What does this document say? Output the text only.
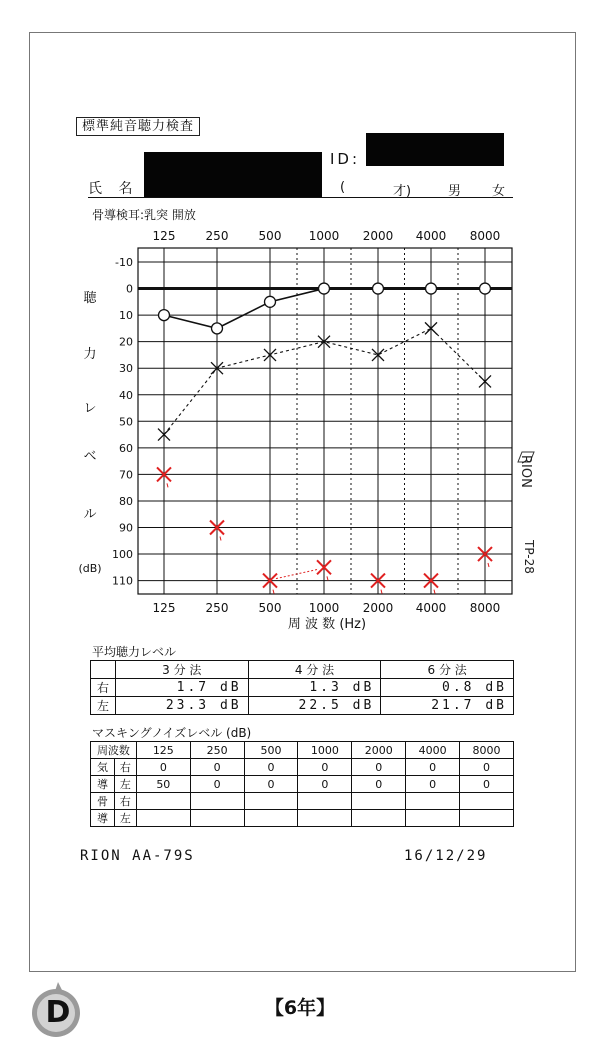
標準純音聴力検査
ID:
氏 名	(	才)	男 女
骨導検耳:乳突 開放
-10
0
10
20
30
40
50
60
70
80
90
100
110
125
125
250
250
500
500
1000
1000
2000
2000
4000
4000
8000
8000
周 波 数 (Hz)
聴
力
レ
ベ
ル
(dB)
RION
TP-28
平均聴力レベル
	3 分 法	4 分 法	6 分 法
右	1.7 dB	1.3 dB	0.8 dB
左	23.3 dB	22.5 dB	21.7 dB
マスキングノイズレベル (dB)
周波数		125	250	500	1000	2000	4000	8000
気	右	0	0	0	0	0	0	0
導	左	50	0	0	0	0	0	0
骨	右							
導	左							
RION AA-79S	16/12/29
D	【6年】
